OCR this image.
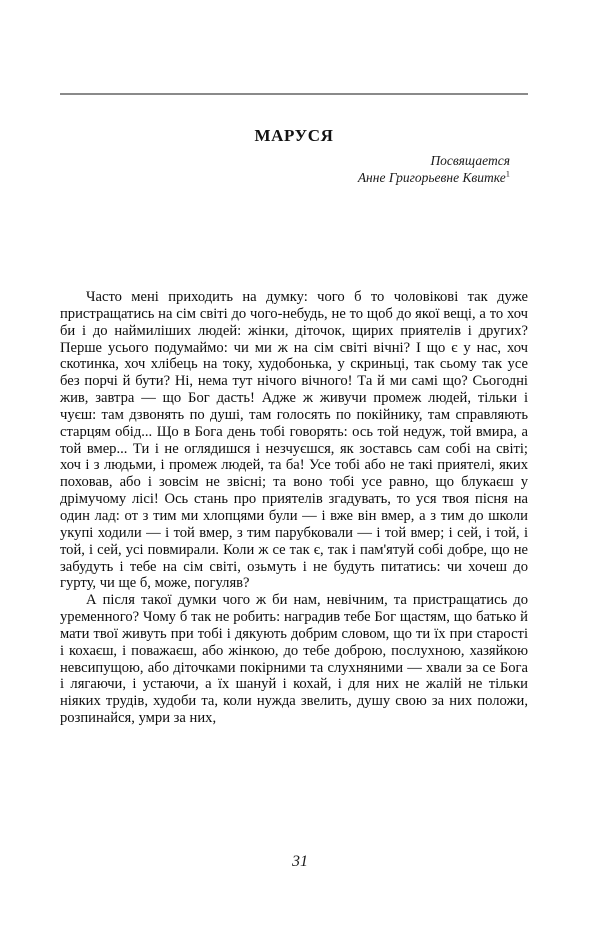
МАРУСЯ
Посвящается
Анне Григорьевне Квитке$^1$

Часто мені приходить на думку: чого б то чоловікові так дуже пристращатись на сім світі до чого-небудь, не то щоб до якої вещі, а то хоч би і до наймиліших людей: жінки, діточок, щирих приятелів і других? Перше усього подумаймо: чи ми ж на сім світі вічні? І що є у нас, хоч скотинка, хоч хлібець на току, худобонька, у скриньці, так сьому так усе без порчі й бути? Ні, нема тут нічого вічного! Та й ми самі що? Сьогодні жив, завтра — що Бог дасть! Адже ж живучи промеж людей, тільки і чуєш: там дзвонять по душі, там голосять по покійнику, там справляють старцям обід... Що в Бога день тобі говорять: ось той недуж, той вмира, а той вмер... Ти і не оглядишся і незчуєшся, як зоставсь сам собі на світі; хоч і з людьми, і промеж людей, та ба! Усе тобі або не такі приятелі, яких поховав, або і зовсім не звісні; та воно тобі усе равно, що блукаєш у дрімучому лісі! Ось стань про приятелів згадувать, то уся твоя пісня на один лад: от з тим ми хлопцями були — і вже він вмер, а з тим до школи укупі ходили — і той вмер, з тим парубковали — і той вмер; і сей, і той, і той, і сей, усі повмирали. Коли ж се так є, так і пам'ятуй собі добре, що не забудуть і тебе на сім світі, озьмуть і не будуть питатись: чи хочеш до гурту, чи ще б, може, погуляв?

А після такої думки чого ж би нам, невічним, та пристращатись до уременного? Чому б так не робить: наградив тебе Бог щастям, що батько й мати твої живуть при тобі і дякують добрим словом, що ти їх при старості і кохаєш, і поважаєш, або жінкою, до тебе доброю, послухною, хазяйкою невсипущою, або діточками покірними та слухняними — хвали за се Бога і лягаючи, і устаючи, а їх шануй і кохай, і для них не жалій не тільки ніяких трудів, худоби та, коли нужда звелить, душу свою за них положи, розпинайся, умри за них,

31
